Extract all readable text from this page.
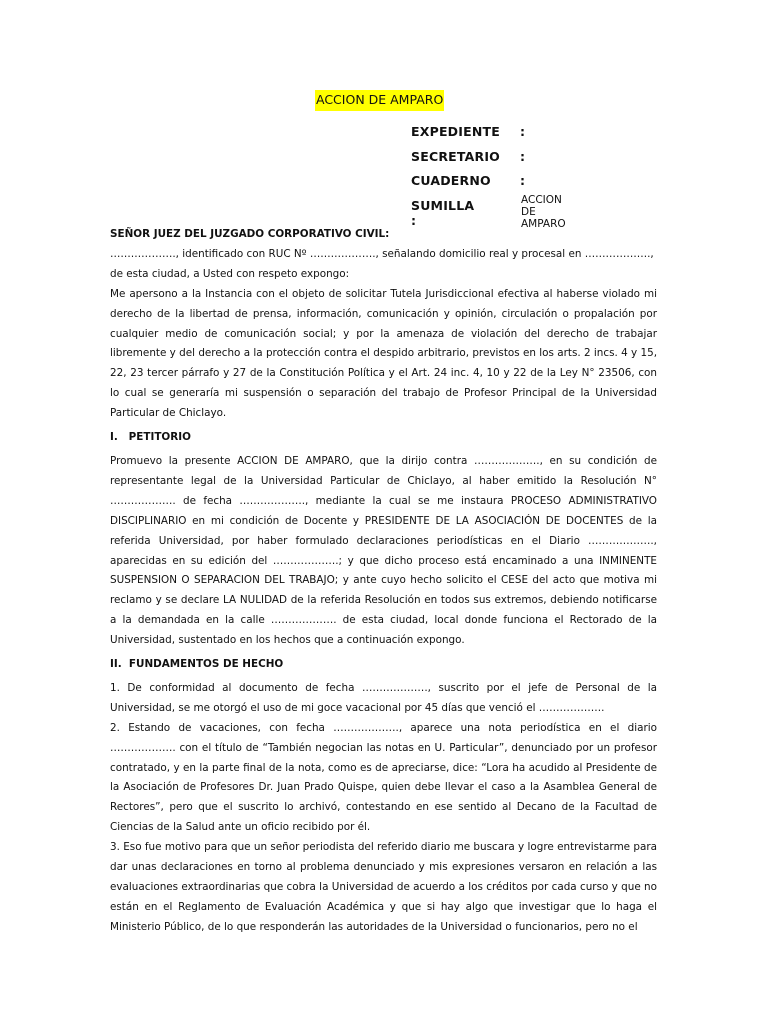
ACCION DE AMPARO
EXPEDIENTE :
SECRETARIO :
CUADERNO :
SUMILLA :
ACCION DE AMPARO

SEÑOR JUEZ DEL JUZGADO CORPORATIVO CIVIL:

………………., identificado con RUC Nº ………………., señalando domicilio real y procesal en ……………….,

de esta ciudad, a Usted con respeto expongo:

Me apersono a la Instancia con el objeto de solicitar Tutela Jurisdiccional efectiva al haberse violado mi derecho de la libertad de prensa, información, comunicación y opinión, circulación o propalación por cualquier medio de comunicación social; y por la amenaza de violación del derecho de trabajar libremente y del derecho a la protección contra el despido arbitrario, previstos en los arts. 2 incs. 4 y 15, 22, 23 tercer párrafo y 27 de la Constitución Política y el Art. 24 inc. 4, 10 y 22 de la Ley N° 23506, con lo cual se generaría mi suspensión o separación del trabajo de Profesor Principal de la Universidad Particular de Chiclayo.

I.   PETITORIO

Promuevo la presente ACCION DE AMPARO, que la dirijo contra ………………., en su condición de representante legal de la Universidad Particular de Chiclayo, al haber emitido la Resolución N° ………………. de fecha ………………., mediante la cual se me instaura PROCESO ADMINISTRATIVO DISCIPLINARIO en mi condición de Docente y PRESIDENTE DE LA ASOCIACIÓN DE DOCENTES de la referida Universidad, por haber formulado declaraciones periodísticas en el Diario ………………., aparecidas en su edición del ……………….; y que dicho proceso está encaminado a una INMINENTE SUSPENSION O SEPARACION DEL TRABAJO; y ante cuyo hecho solicito el CESE del acto que motiva mi reclamo y se declare LA NULIDAD de la referida Resolución en todos sus extremos, debiendo notificarse a la demandada en la calle ………………. de esta ciudad, local donde funciona el Rectorado de la Universidad, sustentado en los hechos que a continuación expongo.

II.  FUNDAMENTOS DE HECHO

1. De conformidad al documento de fecha ………………., suscrito por el jefe de Personal de la Universidad, se me otorgó el uso de mi goce vacacional por 45 días que venció el ……………….

2. Estando de vacaciones, con fecha ………………., aparece una nota periodística en el diario ………………. con el título de “También negocian las notas en U. Particular”, denunciado por un profesor contratado, y en la parte final de la nota, como es de apreciarse, dice: “Lora ha acudido al Presidente de la Asociación de Profesores Dr. Juan Prado Quispe, quien debe llevar el caso a la Asamblea General de Rectores”, pero que el suscrito lo archivó, contestando en ese sentido al Decano de la Facultad de Ciencias de la Salud ante un oficio recibido por él.

3. Eso fue motivo para que un señor periodista del referido diario me buscara y logre entrevistarme para dar unas declaraciones en torno al problema denunciado y mis expresiones versaron en relación a las evaluaciones extraordinarias que cobra la Universidad de acuerdo a los créditos por cada curso y que no están en el Reglamento de Evaluación Académica y que si hay algo que investigar que lo haga el Ministerio Público, de lo que responderán las autoridades de la Universidad o funcionarios, pero no el
